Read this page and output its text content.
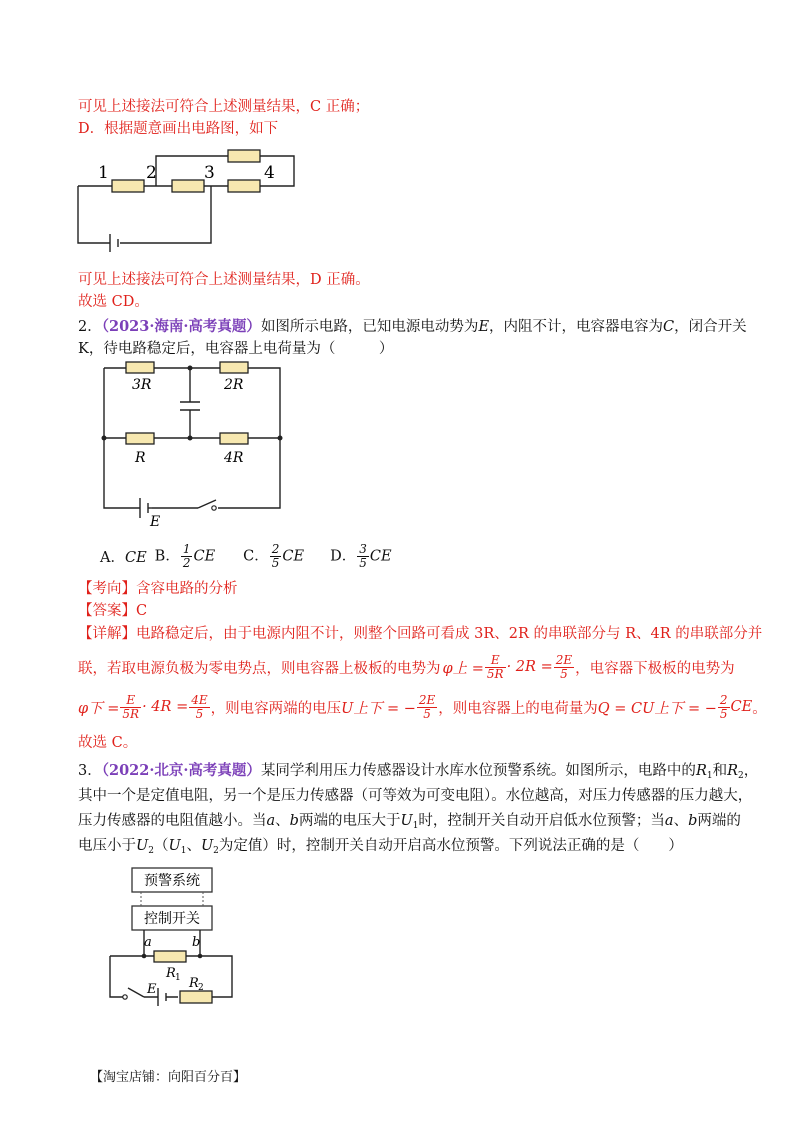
可见上述接法可符合上述测量结果，C 正确；
D．根据题意画出电路图，如下
1 2	3	4
可见上述接法可符合上述测量结果，D 正确。
故选 CD。
2．（2023·海南·高考真题）如图所示电路，已知电源电动势为E，内阻不计，电容器电容为C，闭合开关
K，待电路稳定后，电容器上电荷量为（　　　）
3R	2R
R	4R
E
A．CE B． $\frac{1}{2}$ CE C． $\frac{2}{5}$ CE D． $\frac{3}{5}$ CE
【考向】含容电路的分析
【答案】C
【详解】电路稳定后，由于电源内阻不计，则整个回路可看成 3R、2R 的串联部分与 R、4R 的串联部分并
联，若取电源负极为零电势点，则电容器上极板的电势为 φ上 = $\frac{E}{5R} \cdot 2R = \frac{2E}{5}$ ，电容器下极板的电势为
φ下 = $\frac{E}{5R} \cdot 4R = \frac{4E}{5}$ ，则电容两端的电压 U上下 = − $\frac{2E}{5}$ ，则电容器上的电荷量为 Q = CU上下 = − $\frac{2}{5}$ CE 。
故选 C。
3．（2022·北京·高考真题）某同学利用压力传感器设计水库水位预警系统。如图所示，电路中的$R_1$和$R_2$，
其中一个是定值电阻，另一个是压力传感器（可等效为可变电阻）。水位越高，对压力传感器的压力越大，
压力传感器的电阻值越小。当a、b两端的电压大于$U_1$时，控制开关自动开启低水位预警；当a、b两端的
电压小于$U_2(U_1$、$U_2$为定值）时，控制开关自动开启高水位预警。下列说法正确的是（　　）
预警系统
控制开关
a	b
R 1 R 2
E
【淘宝店铺：向阳百分百】
